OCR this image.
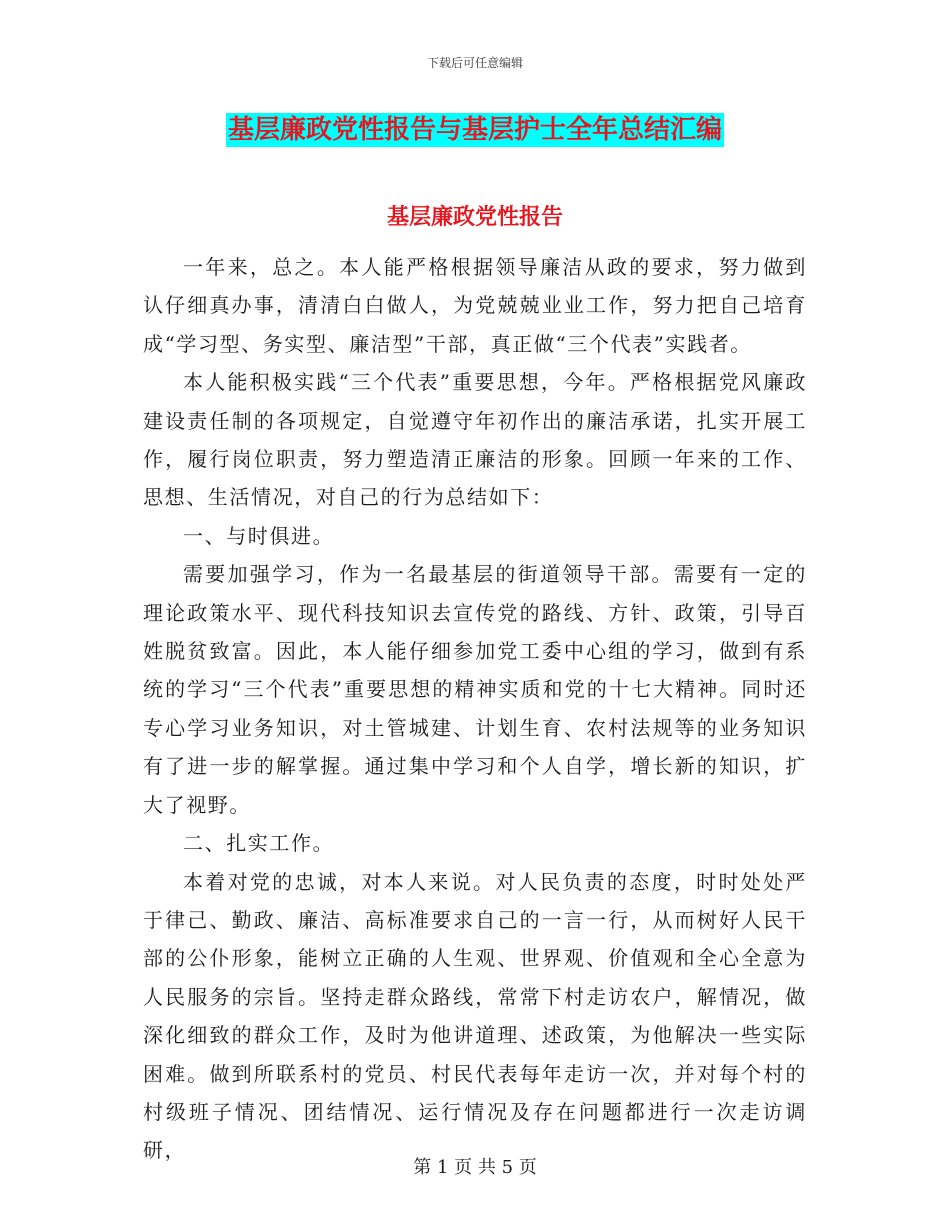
下载后可任意编辑
基层廉政党性报告与基层护士全年总结汇编
基层廉政党性报告

一年来，总之。本人能严格根据领导廉洁从政的要求，努力做到认仔细真办事，清清白白做人，为党兢兢业业工作，努力把自己培育成“学习型、务实型、廉洁型”干部，真正做“三个代表”实践者。

本人能积极实践“三个代表”重要思想，今年。严格根据党风廉政建设责任制的各项规定，自觉遵守年初作出的廉洁承诺，扎实开展工作，履行岗位职责，努力塑造清正廉洁的形象。回顾一年来的工作、思想、生活情况，对自己的行为总结如下：

一、与时俱进。

需要加强学习，作为一名最基层的街道领导干部。需要有一定的理论政策水平、现代科技知识去宣传党的路线、方针、政策，引导百姓脱贫致富。因此，本人能仔细参加党工委中心组的学习，做到有系统的学习“三个代表”重要思想的精神实质和党的十七大精神。同时还专心学习业务知识，对土管城建、计划生育、农村法规等的业务知识有了进一步的解掌握。通过集中学习和个人自学，增长新的知识，扩大了视野。

二、扎实工作。

本着对党的忠诚，对本人来说。对人民负责的态度，时时处处严于律己、勤政、廉洁、高标准要求自己的一言一行，从而树好人民干部的公仆形象，能树立正确的人生观、世界观、价值观和全心全意为人民服务的宗旨。坚持走群众路线，常常下村走访农户，解情况，做深化细致的群众工作，及时为他讲道理、述政策，为他解决一些实际困难。做到所联系村的党员、村民代表每年走访一次，并对每个村的村级班子情况、团结情况、运行情况及存在问题都进行一次走访调研，

第 1 页 共 5 页
